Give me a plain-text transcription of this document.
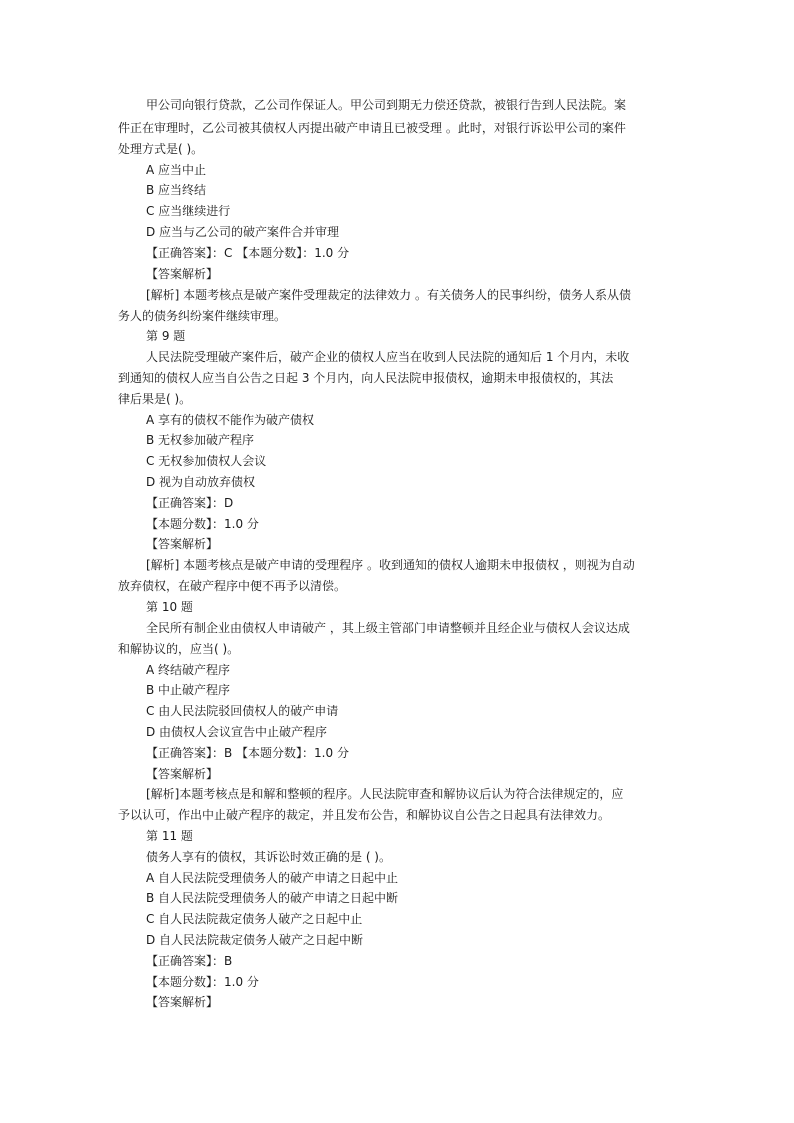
甲公司向银行贷款，乙公司作保证人。甲公司到期无力偿还贷款，被银行告到人民法院。案
件正在审理时，乙公司被其债权人丙提出破产申请且已被受理 。此时，对银行诉讼甲公司的案件
处理方式是( )。
A 应当中止
B 应当终结
C 应当继续进行
D 应当与乙公司的破产案件合并审理
【正确答案】：C 【本题分数】：1.0 分
【答案解析】
[解析] 本题考核点是破产案件受理裁定的法律效力 。有关债务人的民事纠纷，债务人系从债
务人的债务纠纷案件继续审理。
第 9 题
人民法院受理破产案件后，破产企业的债权人应当在收到人民法院的通知后 1 个月内，未收
到通知的债权人应当自公告之日起 3 个月内，向人民法院申报债权，逾期未申报债权的，其法
律后果是( )。
A 享有的债权不能作为破产债权
B 无权参加破产程序
C 无权参加债权人会议
D 视为自动放弃债权
【正确答案】：D
【本题分数】：1.0 分
【答案解析】
[解析] 本题考核点是破产申请的受理程序 。收到通知的债权人逾期未申报债权 ，则视为自动
放弃债权，在破产程序中便不再予以清偿。
第 10 题
全民所有制企业由债权人申请破产 ，其上级主管部门申请整顿并且经企业与债权人会议达成
和解协议的，应当( )。
A 终结破产程序
B 中止破产程序
C 由人民法院驳回债权人的破产申请
D 由债权人会议宣告中止破产程序
【正确答案】：B 【本题分数】：1.0 分
【答案解析】
[解析]本题考核点是和解和整顿的程序。人民法院审查和解协议后认为符合法律规定的，应
予以认可，作出中止破产程序的裁定，并且发布公告，和解协议自公告之日起具有法律效力。
第 11 题
债务人享有的债权，其诉讼时效正确的是 ( )。
A 自人民法院受理债务人的破产申请之日起中止
B 自人民法院受理债务人的破产申请之日起中断
C 自人民法院裁定债务人破产之日起中止
D 自人民法院裁定债务人破产之日起中断
【正确答案】：B
【本题分数】：1.0 分
【答案解析】
